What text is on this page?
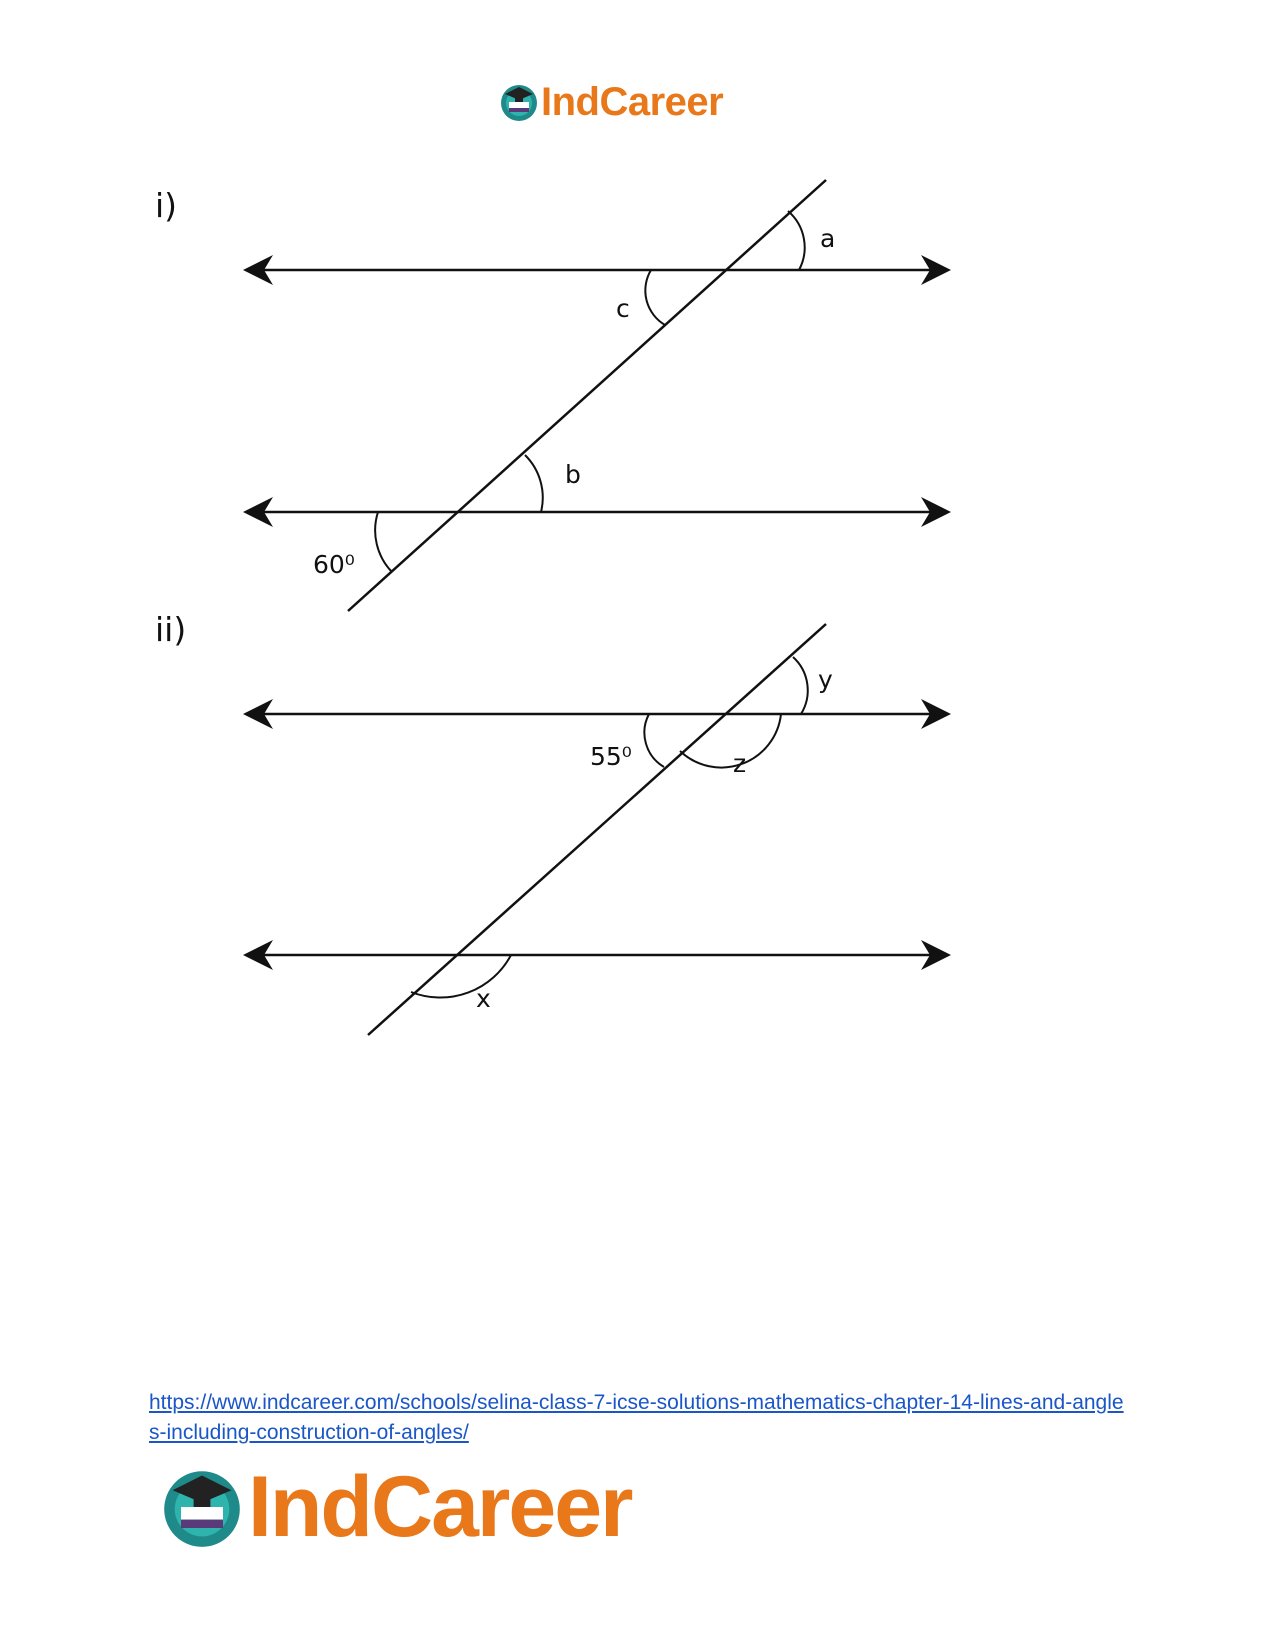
IndCareer
i)
ii)
a
c
b
60⁰
y
z
55⁰
x
https://www.indcareer.com/schools/selina-class-7-icse-solutions-mathematics-chapter-14-lines-and-angles-including-construction-of-angles/
IndCareer
